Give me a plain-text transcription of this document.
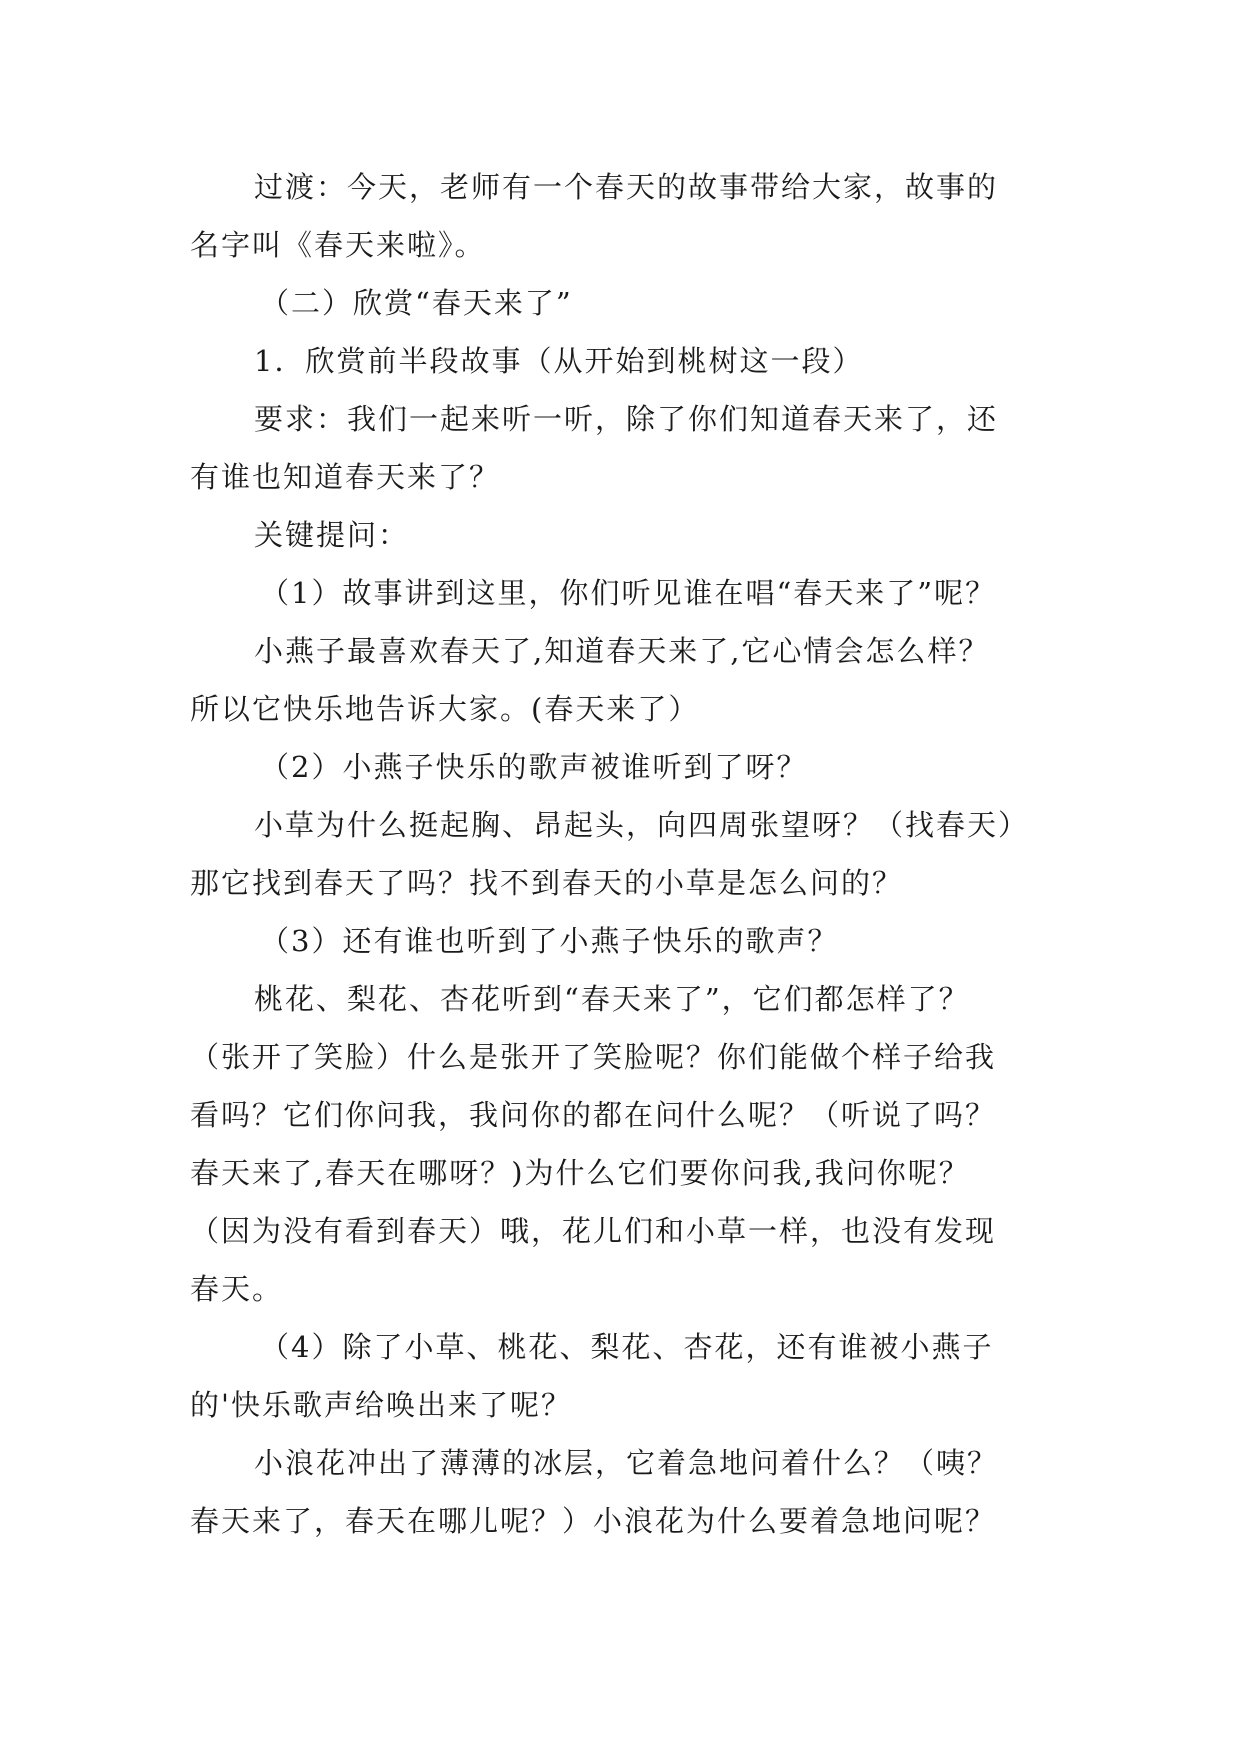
过渡：今天，老师有一个春天的故事带给大家，故事的
名字叫《春天来啦》。
（二）欣赏“春天来了”
1．欣赏前半段故事（从开始到桃树这一段）
要求：我们一起来听一听，除了你们知道春天来了，还
有谁也知道春天来了？
关键提问：
（1）故事讲到这里，你们听见谁在唱“春天来了”呢？
小燕子最喜欢春天了,知道春天来了,它心情会怎么样？
所以它快乐地告诉大家。(春天来了）
（2）小燕子快乐的歌声被谁听到了呀？
小草为什么挺起胸、昂起头，向四周张望呀？（找春天）
那它找到春天了吗？找不到春天的小草是怎么问的？
（3）还有谁也听到了小燕子快乐的歌声？
桃花、梨花、杏花听到“春天来了”，它们都怎样了？
（张开了笑脸）什么是张开了笑脸呢？你们能做个样子给我
看吗？它们你问我，我问你的都在问什么呢？（听说了吗？
春天来了,春天在哪呀？)为什么它们要你问我,我问你呢？
（因为没有看到春天）哦，花儿们和小草一样，也没有发现
春天。
（4）除了小草、桃花、梨花、杏花，还有谁被小燕子
的'快乐歌声给唤出来了呢？
小浪花冲出了薄薄的冰层，它着急地问着什么？（咦？
春天来了，春天在哪儿呢？）小浪花为什么要着急地问呢？
